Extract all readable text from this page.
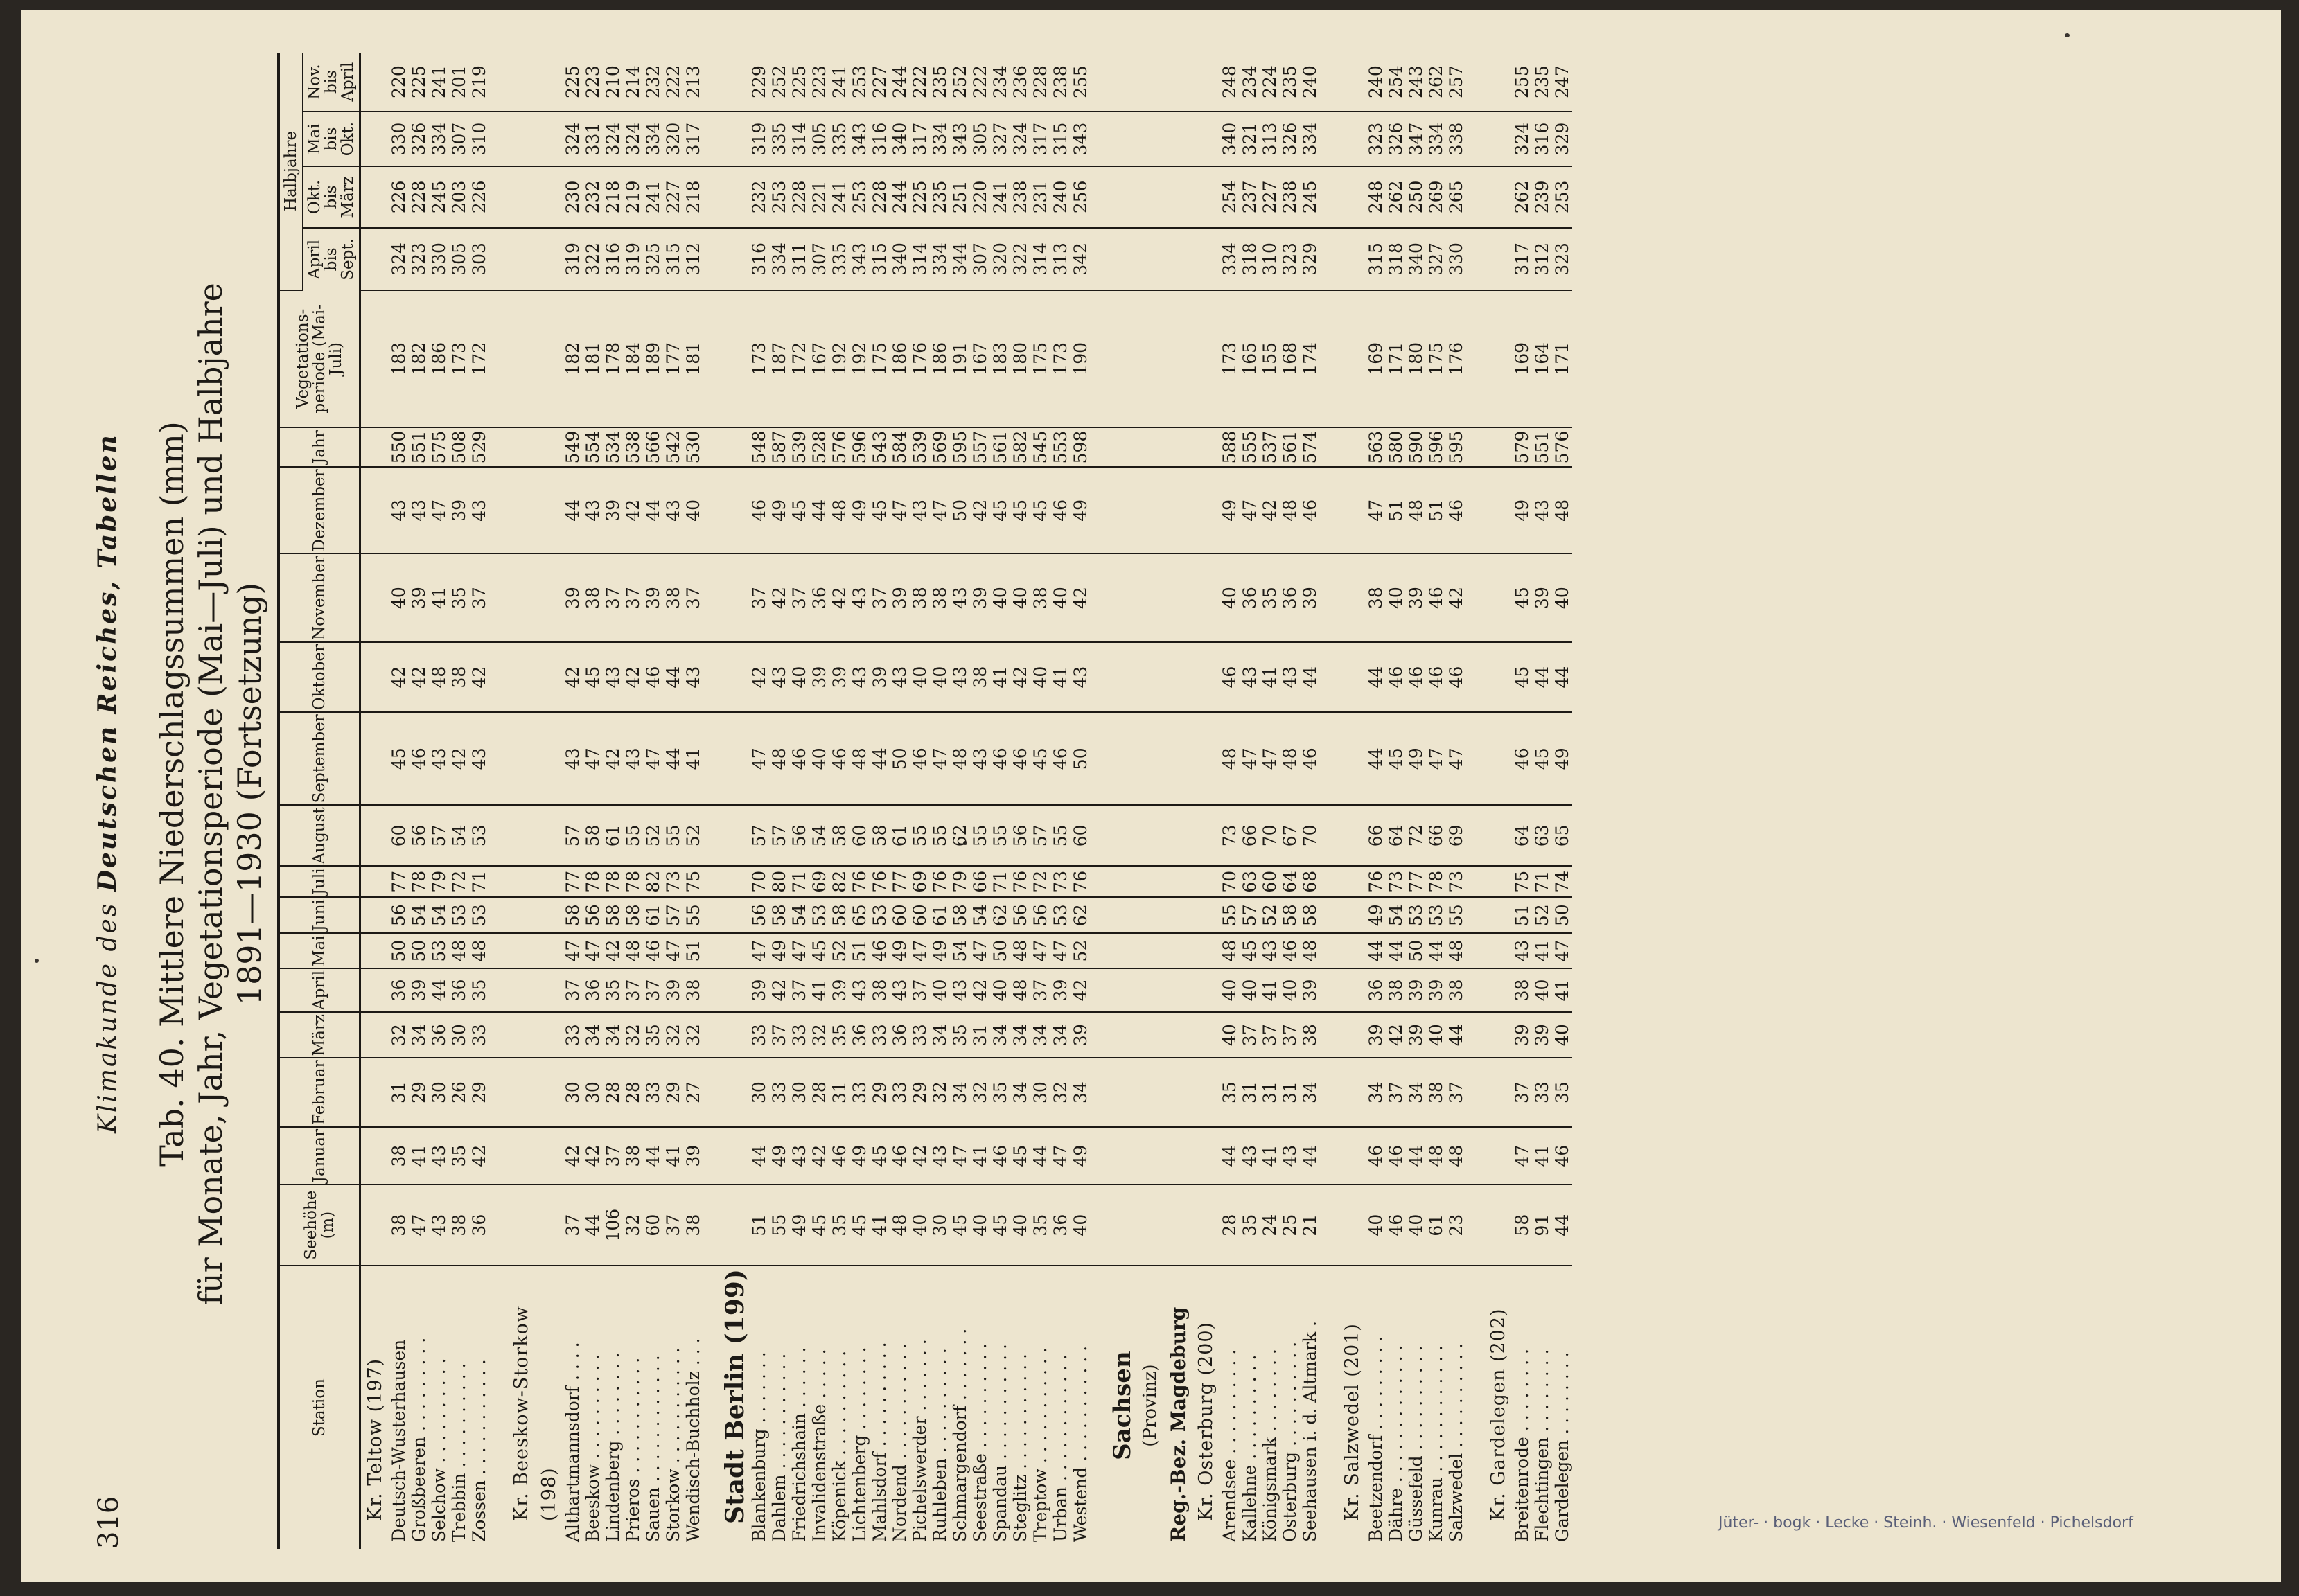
316
Klimakunde des Deutschen Reiches, Tabellen Tab. 40. Mittlere Niederschlagssummen (mm) für Monate, Jahr, Vegetationsperiode (Mai—Juli) und Halbjahre 1891—1930 (Fortsetzung)
Station	Seehöhe (m)	Januar	Februar	März	April	Mai	Juni	Juli	August	September	Oktober	November	Dezember	Jahr	Vegetations-periode (Mai-Juli)	Halbjahre			
																April bis Sept.	Okt. bis März	Mai bis Okt.	Nov. bis April
Kr. Teltow (197)																			
Deutsch-Wusterhausen	38	38	31	32	36	50	56	77	60	45	42	40	43	550	183	324	226	330	220
Großbeeren . . . . . . . . .	47	41	29	34	39	50	54	78	56	46	42	39	43	551	182	323	228	326	225
Selchow . . . . . . . . . .	43	43	30	36	44	53	54	79	57	43	48	41	47	575	186	330	245	334	241
Trebbin . . . . . . . . . .	38	35	26	30	36	48	53	72	54	42	38	35	39	508	173	305	203	307	201
Zossen . . . . . . . . . . .	36	42	29	33	35	48	53	71	53	43	42	37	43	529	172	303	226	310	219

Kr. Beeskow-Storkow																			
(198)																			
Althartmannsdorf . . . .	37	42	30	33	37	47	58	77	57	43	42	39	44	549	182	319	230	324	225
Beeskow . . . . . . . . . .	44	42	30	34	36	47	56	78	58	47	45	38	43	554	181	322	232	331	223
Lindenberg . . . . . . . .	106	37	28	34	35	42	58	78	61	42	43	37	39	534	178	316	218	324	210
Prieros . . . . . . . . . . .	32	38	28	32	37	48	58	78	55	43	42	37	42	538	184	319	219	324	214
Sauen . . . . . . . . . . . .	60	44	33	35	37	46	61	82	52	47	46	39	44	566	189	325	241	334	232
Storkow . . . . . . . . . . .	37	41	29	32	39	47	57	73	55	44	44	38	43	542	177	315	227	320	222
Wendisch-Buchholz . . .	38	39	27	32	38	51	55	75	52	41	43	37	40	530	181	312	218	317	213

Stadt Berlin (199)																			
Blankenburg . . . . . . .	51	44	30	33	39	47	56	70	57	47	42	37	46	548	173	316	232	319	229
Dahlem . . . . . . . . . . .	55	49	33	37	42	49	58	80	57	48	43	42	49	587	187	334	253	335	252
Friedrichshain . . . . . .	49	43	30	33	37	47	54	71	56	46	40	37	45	539	172	311	228	314	225
Invalidenstraße . . . . .	45	42	28	32	41	45	53	69	54	40	39	36	44	528	167	307	221	305	223
Köpenick . . . . . . . . . .	35	46	31	35	39	52	58	82	58	46	39	42	48	576	192	335	241	335	241
Lichtenberg . . . . . . . .	45	49	33	36	43	51	65	76	60	48	43	43	49	596	192	343	253	343	253
Mahlsdorf . . . . . . . . . .	41	45	29	33	38	46	53	76	58	44	39	37	45	543	175	315	228	316	227
Nordend . . . . . . . . . . .	48	46	33	36	43	49	60	77	61	50	43	39	47	584	186	340	244	340	244
Pichelswerder . . . . . . .	40	42	29	33	37	47	60	69	55	46	40	38	43	539	176	314	225	317	222
Ruhleben . . . . . . . . . .	30	43	32	34	40	49	61	76	55	47	40	38	47	569	186	334	235	334	235
Schmargendorf . . . . . . .	45	47	34	35	43	54	58	79	62	48	43	43	50	595	191	344	251	343	252
Seestraße . . . . . . . . . .	40	41	32	31	42	47	54	66	55	43	38	39	42	557	167	307	220	305	222
Spandau . . . . . . . . . . .	45	46	35	34	40	50	62	71	55	46	41	40	45	561	183	320	241	327	234
Steglitz . . . . . . . . . . .	40	45	34	34	48	48	56	76	56	46	42	40	45	582	180	322	238	324	236
Treptow . . . . . . . . . . .	35	44	30	34	37	47	56	72	57	45	40	38	45	545	175	314	231	317	228
Urban . . . . . . . . . . . .	36	47	32	34	39	47	53	73	55	46	41	40	46	553	173	313	240	315	238
Westend . . . . . . . . . . .	40	49	34	39	42	52	62	76	60	50	43	42	49	598	190	342	256	343	255

Sachsen																			
(Provinz)																			
Reg.-Bez. Magdeburg																			
Kr. Osterburg (200)																			
Arendsee . . . . . . . . . .	28	44	35	40	40	48	55	70	73	48	46	40	49	588	173	334	254	340	248
Kallehne . . . . . . . . . .	35	43	31	37	40	45	57	63	66	47	43	36	47	555	165	318	237	321	234
Königsmark . . . . . . . .	24	41	31	37	41	43	52	60	70	47	41	35	42	537	155	310	227	313	224
Osterburg . . . . . . . . . .	25	43	31	37	40	46	58	64	67	48	43	36	48	561	168	323	238	326	235
Seehausen i. d. Altmark .	21	44	34	38	39	48	58	68	70	46	44	39	46	574	174	329	245	334	240

Kr. Salzwedel (201)																			
Beetzendorf . . . . . . . . .	40	46	34	39	36	44	49	76	66	44	44	38	47	563	169	315	248	323	240
Dähre . . . . . . . . . . . . .	46	46	37	42	38	44	54	73	64	45	46	40	51	580	171	318	262	326	254
Güssefeld . . . . . . . . . .	40	44	34	39	39	50	53	77	72	49	46	39	48	590	180	340	250	347	243
Kunrau . . . . . . . . . . . .	61	48	38	40	39	44	53	78	66	47	46	46	51	596	175	327	269	334	262
Salzwedel . . . . . . . . . .	23	48	37	44	38	48	55	73	69	47	46	42	46	595	176	330	265	338	257

Kr. Gardelegen (202)																			
Breitenrode . . . . . . . .	58	47	37	39	38	43	51	75	64	46	45	45	49	579	169	317	262	324	255
Flechtingen . . . . . . . .	91	41	33	39	40	41	52	71	63	45	44	39	43	551	164	312	239	316	235
Gardelegen . . . . . . . .	44	46	35	40	41	47	50	74	65	49	44	40	48	576	171	323	253	329	247
Jüter- · bogk · Lecke · Steinh. · Wiesenfeld · Pichelsdorf
